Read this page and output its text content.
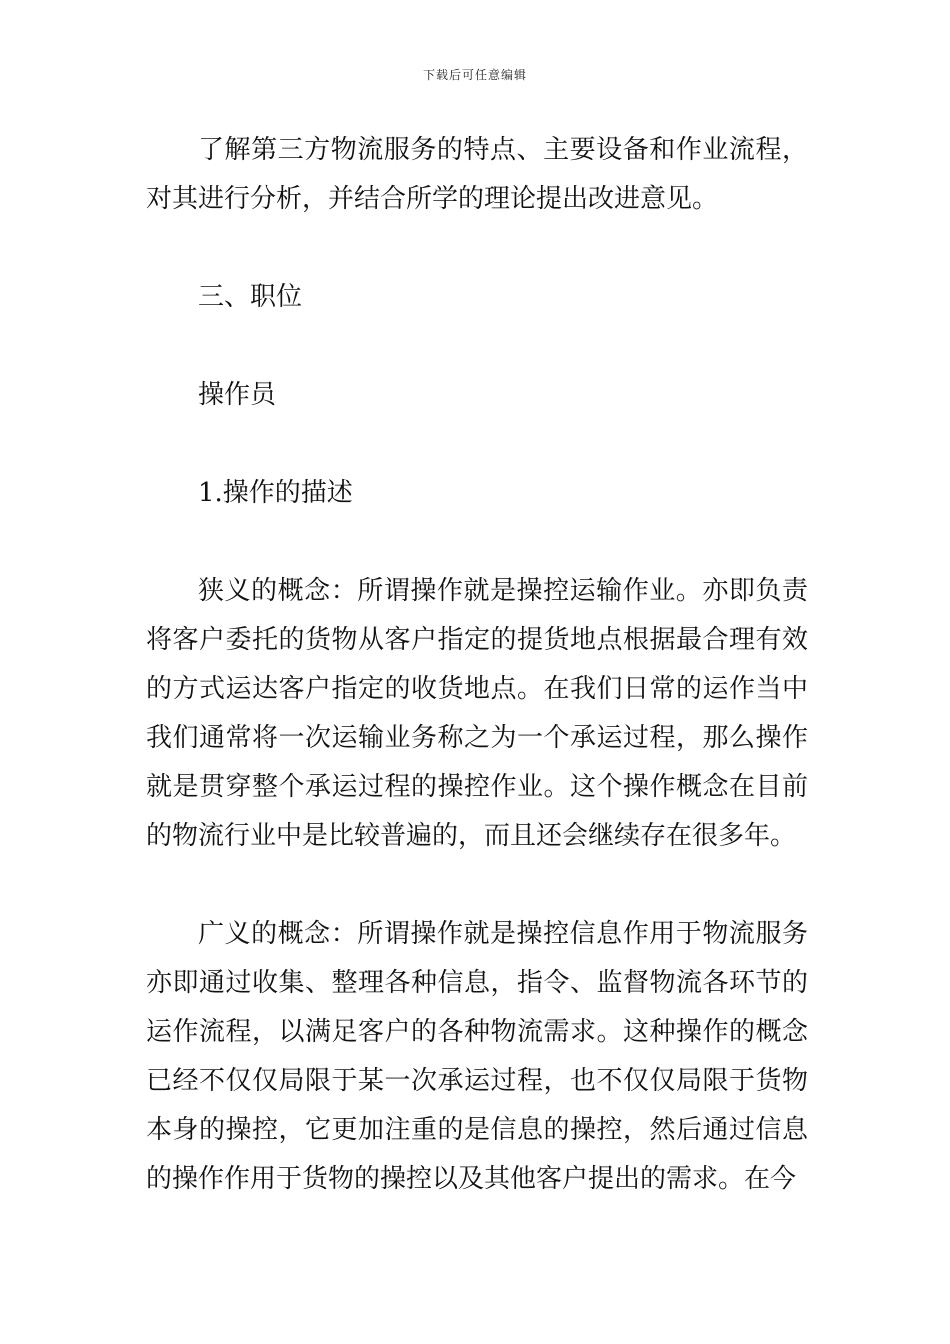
下载后可任意编辑

了解第三方物流服务的特点、主要设备和作业流程，对其进行分析，并结合所学的理论提出改进意见。

三、职位

操作员

1.操作的描述

狭义的概念：所谓操作就是操控运输作业。亦即负责将客户委托的货物从客户指定的提货地点根据最合理有效的方式运达客户指定的收货地点。在我们日常的运作当中我们通常将一次运输业务称之为一个承运过程，那么操作就是贯穿整个承运过程的操控作业。这个操作概念在目前的物流行业中是比较普遍的，而且还会继续存在很多年。

广义的概念：所谓操作就是操控信息作用于物流服务亦即通过收集、整理各种信息，指令、监督物流各环节的运作流程，以满足客户的各种物流需求。这种操作的概念已经不仅仅局限于某一次承运过程，也不仅仅局限于货物本身的操控，它更加注重的是信息的操控，然后通过信息的操作作用于货物的操控以及其他客户提出的需求。在今
